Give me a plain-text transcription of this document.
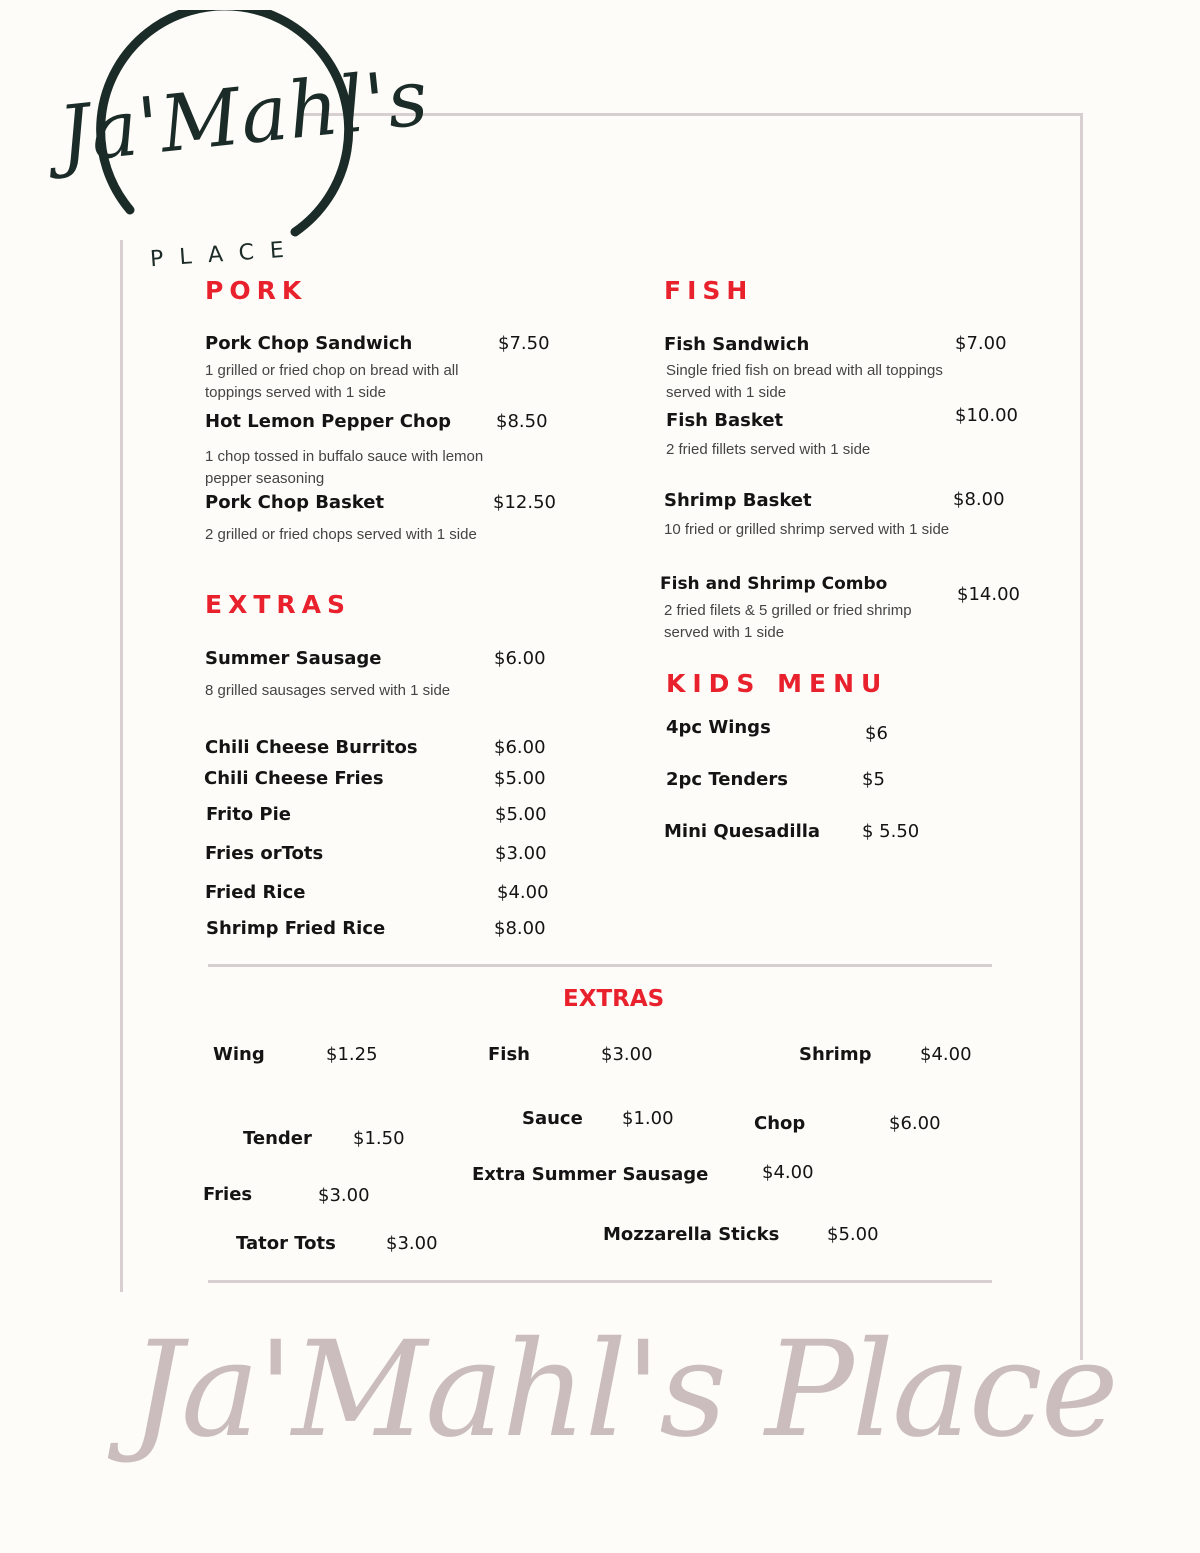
Ja'Mahl's
PLACE
PORK
Pork Chop Sandwich	$7.50
1 grilled or fried chop on bread with all toppings served with 1 side
Hot Lemon Pepper Chop	$8.50
1 chop tossed in buffalo sauce with lemon pepper seasoning
Pork Chop Basket	$12.50
2 grilled or fried chops served with 1 side
EXTRAS
Summer Sausage	$6.00
8 grilled sausages served with 1 side
Chili Cheese Burritos	$6.00
Chili Cheese Fries	$5.00
Frito Pie	$5.00
Fries orTots	$3.00
Fried Rice	$4.00
Shrimp Fried Rice	$8.00
FISH
Fish Sandwich	$7.00
Single fried fish on bread with all toppings served with 1 side
Fish Basket	$10.00
2 fried fillets served with 1 side
Shrimp Basket	$8.00
10 fried or grilled shrimp served with 1 side
Fish and Shrimp Combo	$14.00
2 fried filets & 5 grilled or fried shrimp served with 1 side
KIDS MENU
4pc Wings	$6
2pc Tenders	$5
Mini Quesadilla $ 5.50
EXTRAS
Wing	$1.25	Fish	$3.00	Shrimp	$4.00
Tender $1.50
Sauce $1.00	Chop	$6.00
Extra Summer Sausage	$4.00
Fries	$3.00
Tator Tots	$3.00	Mozzarella Sticks	$5.00
Ja'Mahl's Place
